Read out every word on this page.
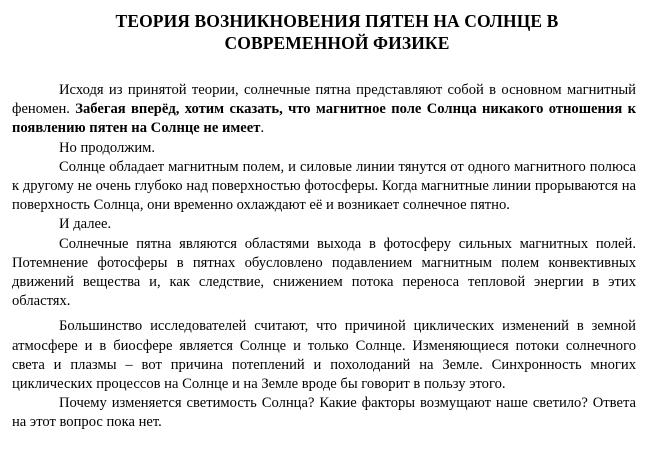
ТЕОРИЯ ВОЗНИКНОВЕНИЯ ПЯТЕН НА СОЛНЦЕ В
СОВРЕМЕННОЙ ФИЗИКЕ

Исходя из принятой теории, солнечные пятна представляют собой в основном магнитный феномен. Забегая вперёд, хотим сказать, что магнитное поле Солнца никакого отношения к появлению пятен на Солнце не имеет.

Но продолжим.

Солнце обладает магнитным полем, и силовые линии тянутся от одного магнитного полюса к другому не очень глубоко над поверхностью фотосферы. Когда магнитные линии прорываются на поверхность Солнца, они временно охлаждают её и возникает солнечное пятно.

И далее.

Солнечные пятна являются областями выхода в фотосферу сильных магнитных полей. Потемнение фотосферы в пятнах обусловлено подавлением магнитным полем конвективных движений вещества и, как следствие, снижением потока переноса тепловой энергии в этих областях.

Большинство исследователей считают, что причиной циклических изменений в земной атмосфере и в биосфере является Солнце и только Солнце. Изменяющиеся потоки солнечного света и плазмы – вот причина потеплений и похолоданий на Земле. Синхронность многих циклических процессов на Солнце и на Земле вроде бы говорит в пользу этого.

Почему изменяется светимость Солнца? Какие факторы возмущают наше светило? Ответа на этот вопрос пока нет.
